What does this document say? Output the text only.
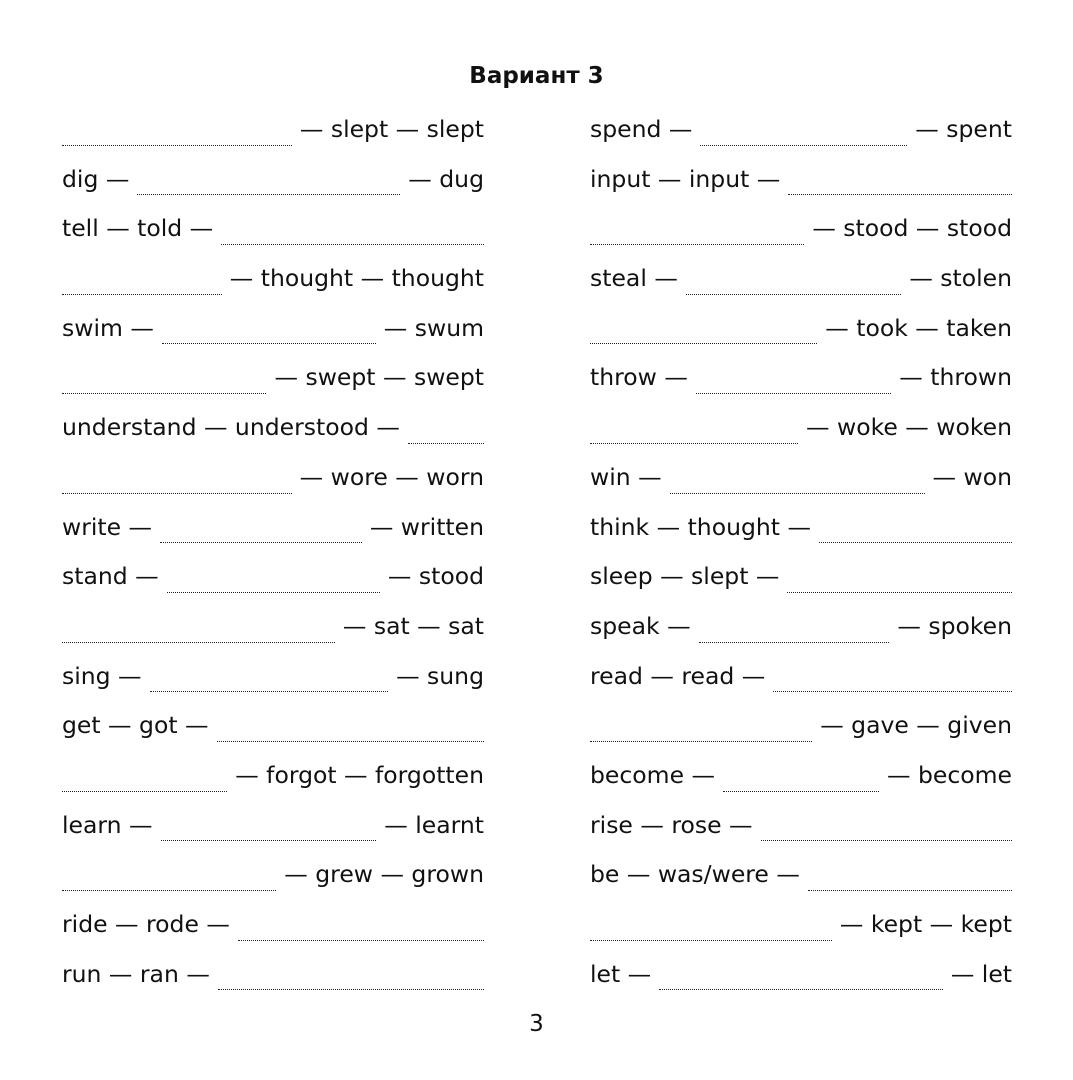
Вариант 3
— slept — slept
dig —	— dug
tell — told —
— thought — thought
swim —	— swum
— swept — swept
understand — understood —
— wore — worn
write —	— written
stand —	— stood
— sat — sat
sing —	— sung
get — got —
— forgot — forgotten
learn —	— learnt
— grew — grown
ride — rode —
run — ran —
spend —	— spent
input — input —
— stood — stood
steal —	— stolen
— took — taken
throw —	— thrown
— woke — woken
win —	— won
think — thought —
sleep — slept —
speak —	— spoken
read — read —
— gave — given
become —	— become
rise — rose —
be — was/were —
— kept — kept
let —	— let
3
